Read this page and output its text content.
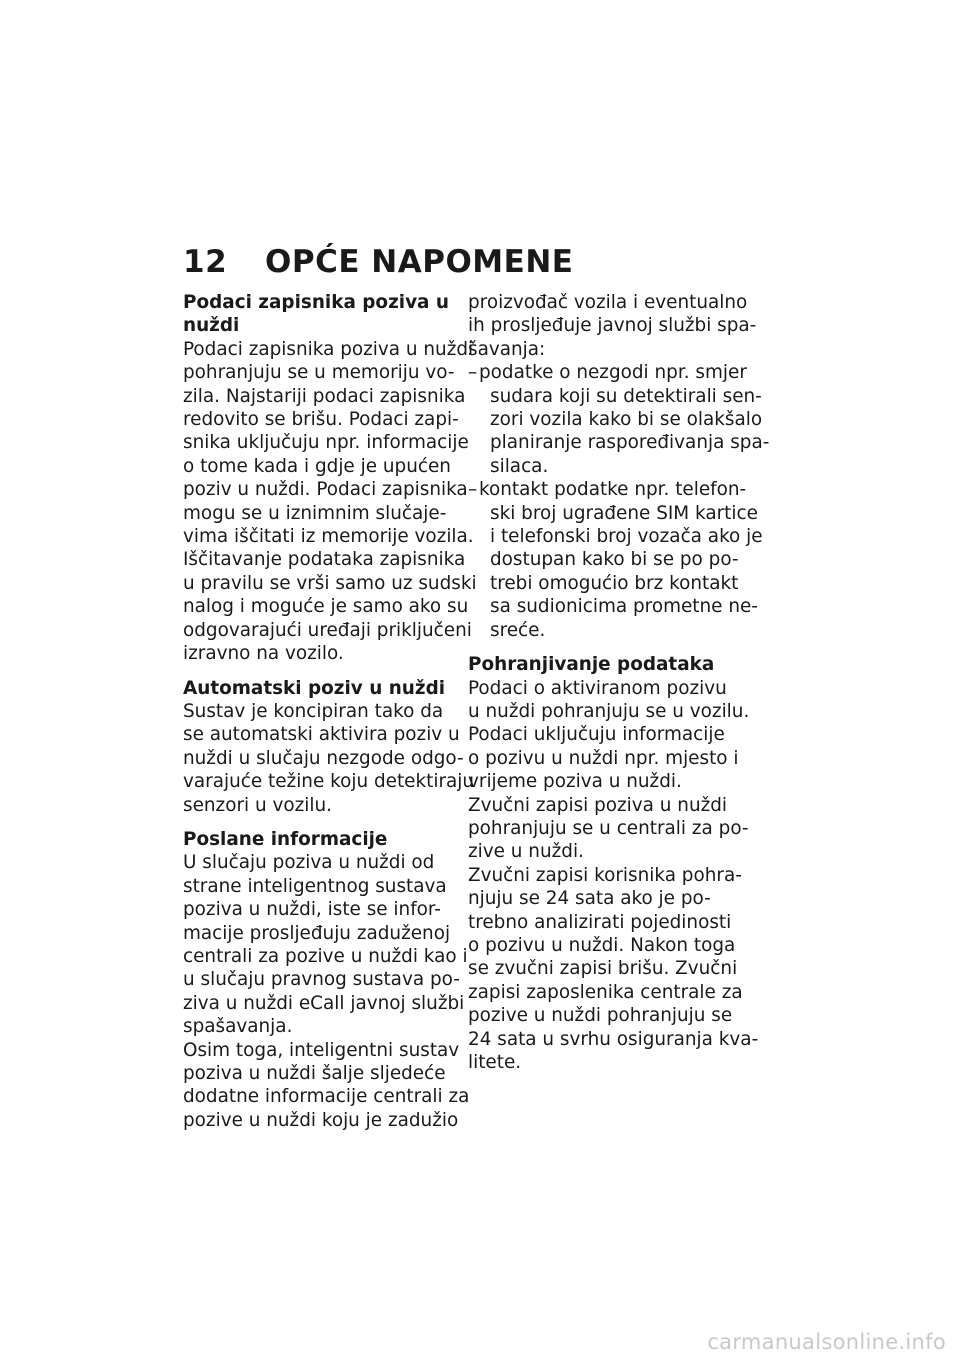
12 OPĆE NAPOMENE
Podaci zapisnika poziva u
nuždi
Podaci zapisnika poziva u nuždi
pohranjuju se u memoriju vo-
zila. Najstariji podaci zapisnika
redovito se brišu. Podaci zapi-
snika uključuju npr. informacije
o tome kada i gdje je upućen
poziv u nuždi. Podaci zapisnika
mogu se u iznimnim slučaje-
vima iščitati iz memorije vozila.
Iščitavanje podataka zapisnika
u pravilu se vrši samo uz sudski
nalog i moguće je samo ako su
odgovarajući uređaji priključeni
izravno na vozilo.
Automatski poziv u nuždi
Sustav je koncipiran tako da
se automatski aktivira poziv u
nuždi u slučaju nezgode odgo-
varajuće težine koju detektiraju
senzori u vozilu.
Poslane informacije
U slučaju poziva u nuždi od
strane inteligentnog sustava
poziva u nuždi, iste se infor-
macije prosljeđuju zaduženoj
centrali za pozive u nuždi kao i
u slučaju pravnog sustava po-
ziva u nuždi eCall javnoj službi
spašavanja.
Osim toga, inteligentni sustav
poziva u nuždi šalje sljedeće
dodatne informacije centrali za
pozive u nuždi koju je zadužio
proizvođač vozila i eventualno
ih prosljeđuje javnoj službi spa-
šavanja:
– podatke o nezgodi npr. smjer
sudara koji su detektirali sen-
zori vozila kako bi se olakšalo
planiranje raspoređivanja spa-
silaca.
– kontakt podatke npr. telefon-
ski broj ugrađene SIM kartice
i telefonski broj vozača ako je
dostupan kako bi se po po-
trebi omogućio brz kontakt
sa sudionicima prometne ne-
sreće.
Pohranjivanje podataka
Podaci o aktiviranom pozivu
u nuždi pohranjuju se u vozilu.
Podaci uključuju informacije
o pozivu u nuždi npr. mjesto i
vrijeme poziva u nuždi.
Zvučni zapisi poziva u nuždi
pohranjuju se u centrali za po-
zive u nuždi.
Zvučni zapisi korisnika pohra-
njuju se 24 sata ako je po-
trebno analizirati pojedinosti
o pozivu u nuždi. Nakon toga
se zvučni zapisi brišu. Zvučni
zapisi zaposlenika centrale za
pozive u nuždi pohranjuju se
24 sata u svrhu osiguranja kva-
litete.
carmanualsonline.info
